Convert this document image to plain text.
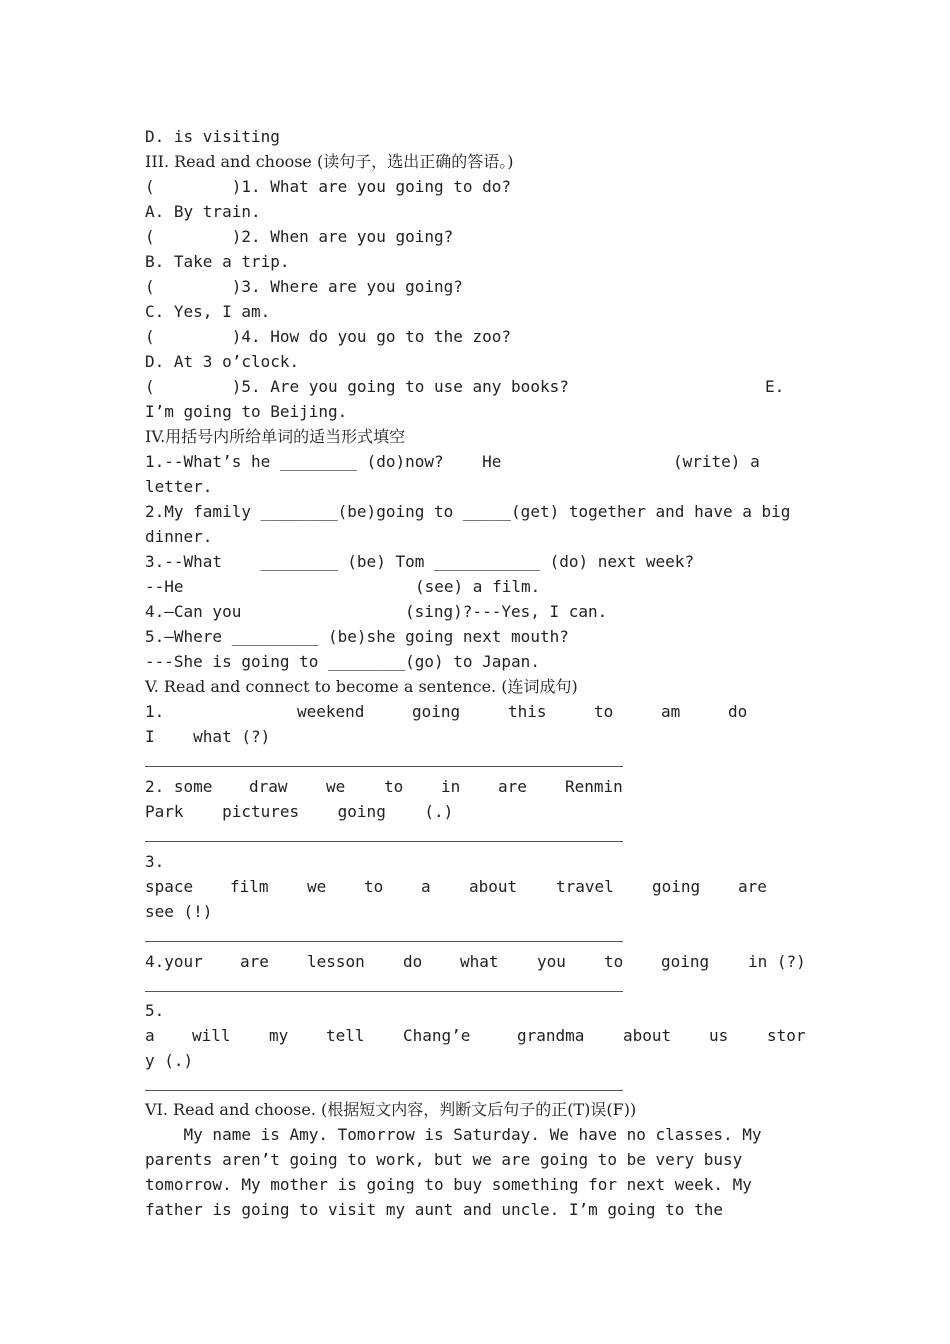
D. is visiting
III. Read and choose (读句子，选出正确的答语。)
(        )1. What are you going to do?
A. By train.
(        )2. When are you going?
B. Take a trip.
(        )3. Where are you going?
C. Yes, I am.
(        )4. How do you go to the zoo?
D. At 3 o’clock.
(        )5. Are you going to use any books?	E.
I’m going to Beijing.
IV.用括号内所给单词的适当形式填空
1.--What’s he ________ (do)now?    He	(write) a
letter.
2.My family ________(be)going to _____(get) together and have a big
dinner.
3.--What    ________ (be) Tom ___________ (do) next week?
--He	(see) a film.
4.—Can you	(sing)?---Yes, I can.
5.—Where _________ (be)she going next mouth?
---She is going to ________(go) to Japan.
V. Read and connect to become a sentence. (连词成句)
1.	weekend	going	this	to	am	do
I    what (?)
2. some draw we to in are Renmin
Park    pictures    going    (.)
3.
space film we to a about travel going are
see (!)
4.your are lesson do what you to going in (?)
5.
a will my tell Chang’e	grandma about us stor
y (.)
VI. Read and choose. (根据短文内容，判断文后句子的正(T)误(F))
My name is Amy. Tomorrow is Saturday. We have no classes. My
parents aren’t going to work, but we are going to be very busy
tomorrow. My mother is going to buy something for next week. My
father is going to visit my aunt and uncle. I’m going to the
